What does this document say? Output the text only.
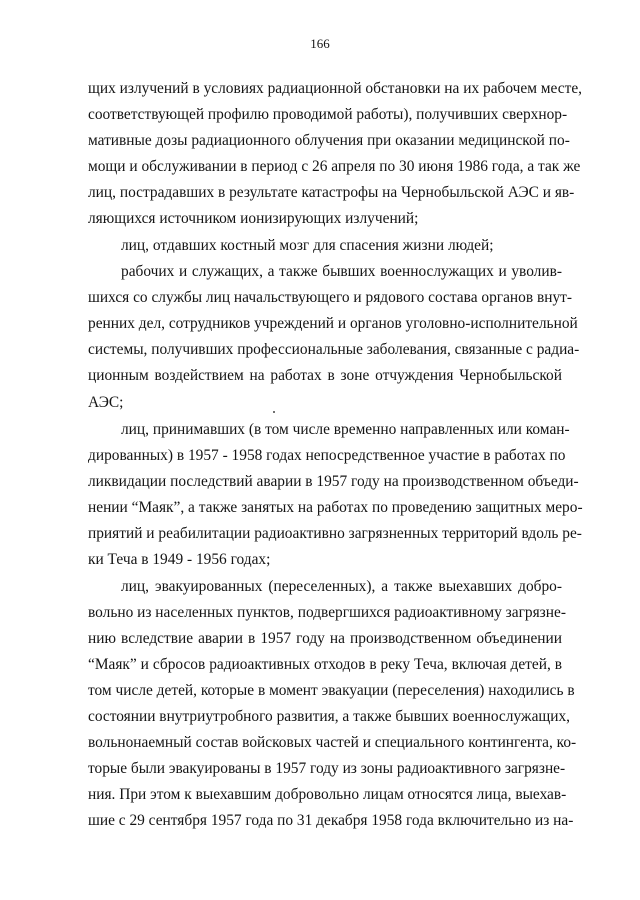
166
щих излучений в условиях радиационной обстановки на их рабочем месте,
соответствующей профилю проводимой работы), получивших сверхнор-
мативные дозы радиационного облучения при оказании медицинской по-
мощи и обслуживании в период с 26 апреля по 30 июня 1986 года, а так же
лиц, пострадавших в результате катастрофы на Чернобыльской АЭС и яв-
ляющихся источником ионизирующих излучений;
лиц, отдавших костный мозг для спасения жизни людей;
рабочих и служащих, а также бывших военнослужащих и уволив-
шихся со службы лиц начальствующего и рядового состава органов внут-
ренних дел, сотрудников учреждений и органов уголовно-исполнительной
системы, получивших профессиональные заболевания, связанные с радиа-
ционным воздействием на работах в зоне отчуждения Чернобыльской
АЭС;
лиц, принимавших (в том числе временно направленных или коман-
дированных) в 1957 - 1958 годах непосредственное участие в работах по
ликвидации последствий аварии в 1957 году на производственном объеди-
нении “Маяк”, а также занятых на работах по проведению защитных меро-
приятий и реабилитации радиоактивно загрязненных территорий вдоль ре-
ки Теча в 1949 - 1956 годах;
лиц, эвакуированных (переселенных), а также выехавших добро-
вольно из населенных пунктов, подвергшихся радиоактивному загрязне-
нию вследствие аварии в 1957 году на производственном объединении
“Маяк” и сбросов радиоактивных отходов в реку Теча, включая детей, в
том числе детей, которые в момент эвакуации (переселения) находились в
состоянии внутриутробного развития, а также бывших военнослужащих,
вольнонаемный состав войсковых частей и специального контингента, ко-
торые были эвакуированы в 1957 году из зоны радиоактивного загрязне-
ния. При этом к выехавшим добровольно лицам относятся лица, выехав-
шие с 29 сентября 1957 года по 31 декабря 1958 года включительно из на-
